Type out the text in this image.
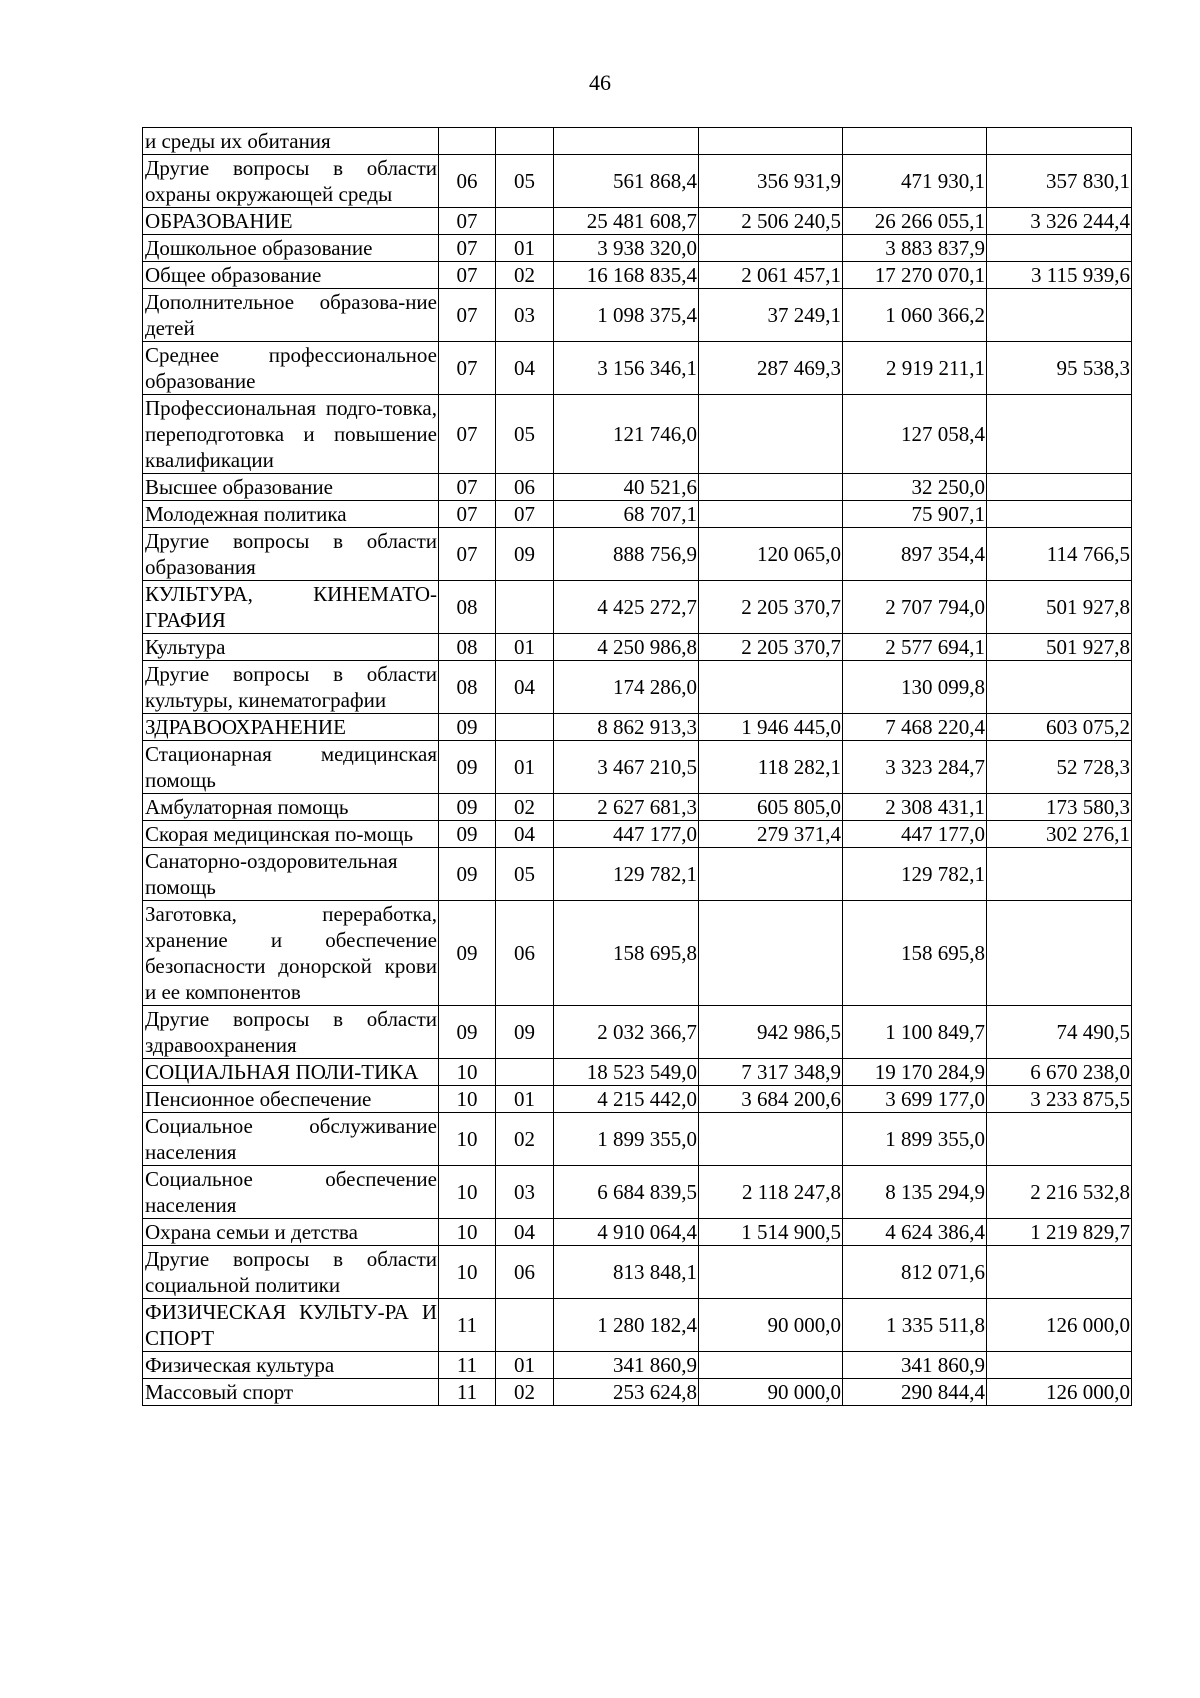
46
и среды их обитания						
Другие вопросы в области охраны окружающей среды	06	05	561 868,4	356 931,9	471 930,1	357 830,1
ОБРАЗОВАНИЕ	07		25 481 608,7	2 506 240,5	26 266 055,1	3 326 244,4
Дошкольное образование	07	01	3 938 320,0		3 883 837,9	
Общее образование	07	02	16 168 835,4	2 061 457,1	17 270 070,1	3 115 939,6
Дополнительное образова-ние детей	07	03	1 098 375,4	37 249,1	1 060 366,2	
Среднее профессиональное образование	07	04	3 156 346,1	287 469,3	2 919 211,1	95 538,3
Профессиональная подго-товка, переподготовка и повышение квалификации	07	05	121 746,0		127 058,4	
Высшее образование	07	06	40 521,6		32 250,0	
Молодежная политика	07	07	68 707,1		75 907,1	
Другие вопросы в области образования	07	09	888 756,9	120 065,0	897 354,4	114 766,5
КУЛЬТУРА, КИНЕМАТО-ГРАФИЯ	08		4 425 272,7	2 205 370,7	2 707 794,0	501 927,8
Культура	08	01	4 250 986,8	2 205 370,7	2 577 694,1	501 927,8
Другие вопросы в области культуры, кинематографии	08	04	174 286,0		130 099,8	
ЗДРАВООХРАНЕНИЕ	09		8 862 913,3	1 946 445,0	7 468 220,4	603 075,2
Стационарная медицинская помощь	09	01	3 467 210,5	118 282,1	3 323 284,7	52 728,3
Амбулаторная помощь	09	02	2 627 681,3	605 805,0	2 308 431,1	173 580,3
Скорая медицинская по-мощь	09	04	447 177,0	279 371,4	447 177,0	302 276,1
Санаторно-оздоровительная помощь	09	05	129 782,1		129 782,1	
Заготовка, переработка, хранение и обеспечение безопасности донорской крови и ее компонентов	09	06	158 695,8		158 695,8	
Другие вопросы в области здравоохранения	09	09	2 032 366,7	942 986,5	1 100 849,7	74 490,5
СОЦИАЛЬНАЯ ПОЛИ-ТИКА	10		18 523 549,0	7 317 348,9	19 170 284,9	6 670 238,0
Пенсионное обеспечение	10	01	4 215 442,0	3 684 200,6	3 699 177,0	3 233 875,5
Социальное обслуживание населения	10	02	1 899 355,0		1 899 355,0	
Социальное обеспечение населения	10	03	6 684 839,5	2 118 247,8	8 135 294,9	2 216 532,8
Охрана семьи и детства	10	04	4 910 064,4	1 514 900,5	4 624 386,4	1 219 829,7
Другие вопросы в области социальной политики	10	06	813 848,1		812 071,6	
ФИЗИЧЕСКАЯ КУЛЬТУ-РА И СПОРТ	11		1 280 182,4	90 000,0	1 335 511,8	126 000,0
Физическая культура	11	01	341 860,9		341 860,9	
Массовый спорт	11	02	253 624,8	90 000,0	290 844,4	126 000,0
